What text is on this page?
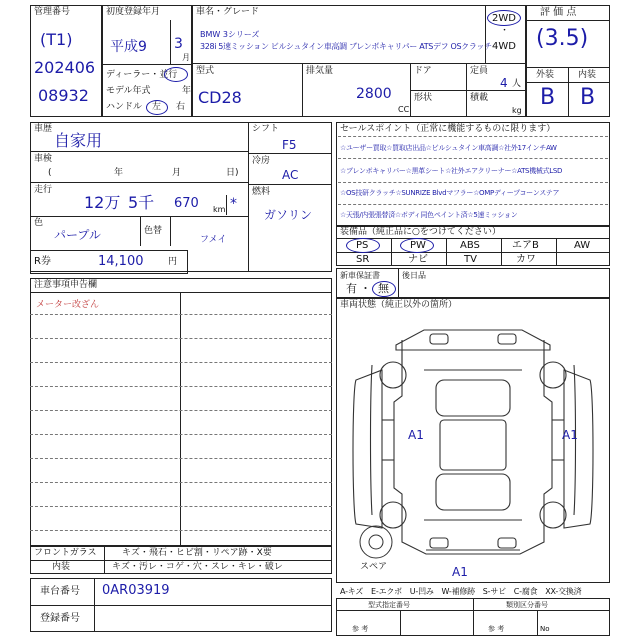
管理番号
(T1)
202406
08932
初度登録年月
平成9 3
月
ディーラー・並行
モデル年式	年
ハンドル 左 右
車名・グレード
BMW 3シリーズ
328i 5速ミッション ビルシュタイン車高調 ブレンボキャリパー ATSデフ OSクラッチ
2WD
・
4WD
型式
CD28
排気量
2800
CC
ドア
形状
定員
4 人
積載
kg
評 価 点
(3.5)
外装	内装
B B
車歴
自家用
車検
(	年	月	日)
走行
12万 5千 670 km *
色
パープル	色替
フメイ
シフト
F5
冷房
AC
燃料
ガソリン
R券	14,100	円
セールスポイント（正常に機能するものに限ります）
☆ユーザー買取☆買取店出品☆ビルシュタイン車高調☆社外17インチAW
☆ブレンボキャリパー☆黒革シート☆社外エアクリーナー☆ATS機械式LSD
☆OS技研クラッチ☆SUNRIZE Blvdマフラー☆OMPディープコーンステア
☆天張/内張張替済☆ボディ同色ペイント済☆5速ミッション
装備品（純正品に○をつけてください）
PS	PW	ABS	エアB	AW
SR	ナビ	TV	カワ
新車保証書
有 ・ 無
後日品
注意事項申告欄
メーター改ざん
フロントガラス	キズ・飛石・ヒビ割・リペア跡・X要
内装	キズ・汚レ・コゲ・穴・スレ・キレ・破レ
車台番号 0AR03919
登録番号
車両状態（純正以外の箇所）
A1	A1
A1
スペア
A-キズ　E-エクボ　U-凹み　W-補修跡　S-サビ　C-腐食　XX-交換済
型式指定番号	類別区分番号
参 考	参 考	No
